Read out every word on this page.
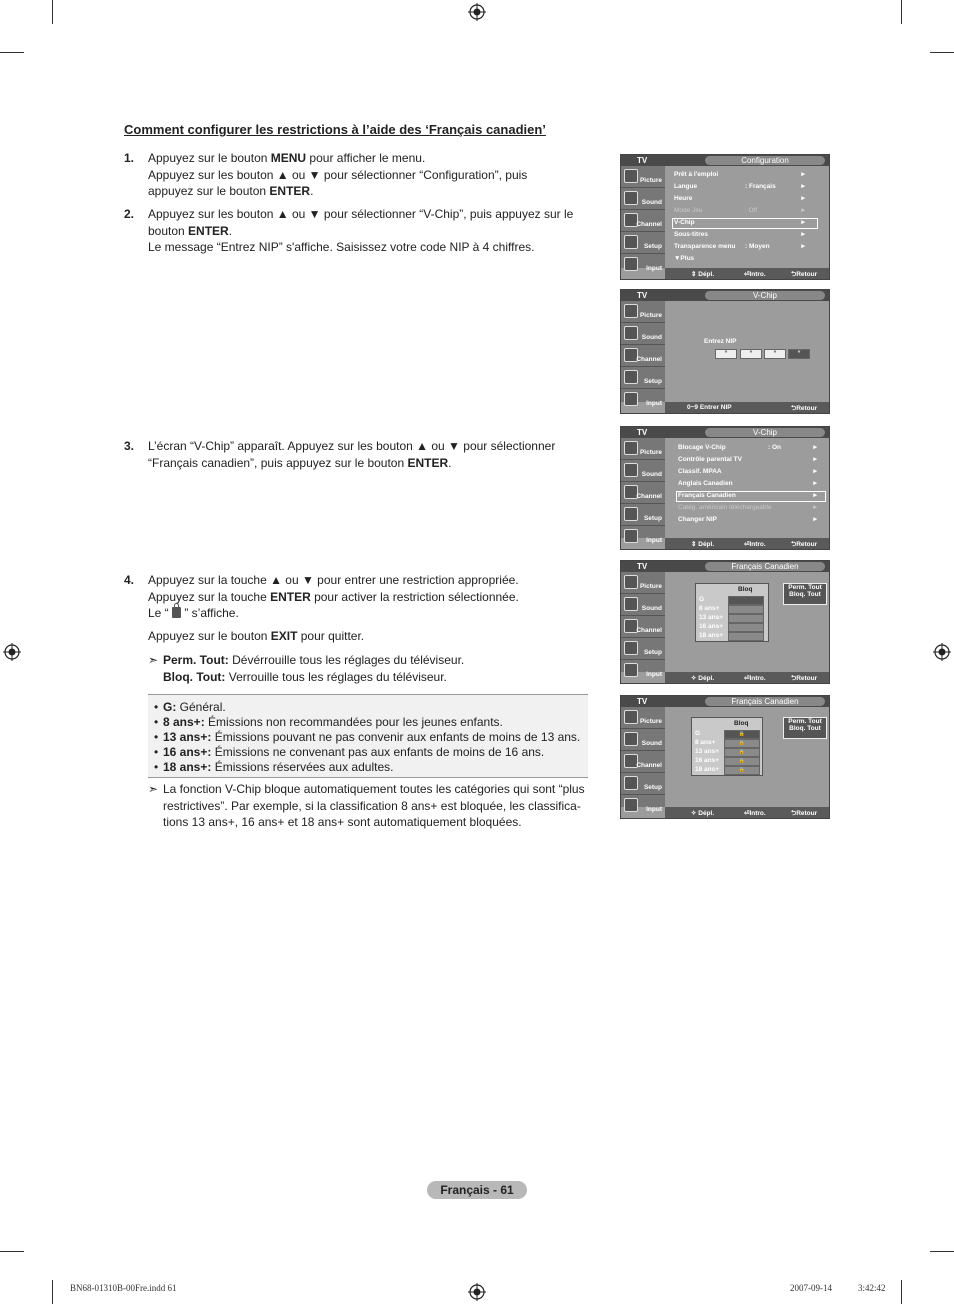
Comment configurer les restrictions à l’aide des ‘Français canadien’
1. Appuyez sur le bouton MENU pour afficher le menu.
Appuyez sur les bouton ▲ ou ▼ pour sélectionner “Configuration”, puis
appuyez sur le bouton ENTER.
2. Appuyez sur les bouton ▲ ou ▼ pour sélectionner “V-Chip”, puis appuyez sur le
bouton ENTER.
Le message “Entrez NIP” s'affiche. Saisissez votre code NIP à 4 chiffres.
3. L’écran “V-Chip” apparaît. Appuyez sur les bouton ▲ ou ▼ pour sélectionner
“Français canadien”, puis appuyez sur le bouton ENTER.
4. Appuyez sur la touche ▲ ou ▼ pour entrer une restriction appropriée.
Appuyez sur la touche ENTER pour activer la restriction sélectionnée.
Le “  ” s’affiche.
Appuyez sur le bouton EXIT pour quitter.
➣ Perm. Tout: Dévérrouille tous les réglages du téléviseur.
Bloq. Tout: Verrouille tous les réglages du téléviseur.
• G: Général.
• 8 ans+: Émissions non recommandées pour les jeunes enfants.
• 13 ans+: Émissions pouvant ne pas convenir aux enfants de moins de 13 ans.
• 16 ans+: Émissions ne convenant pas aux enfants de moins de 16 ans.
• 18 ans+: Émissions réservées aux adultes.
➣ La fonction V-Chip bloque automatiquement toutes les catégories qui sont “plus
restrictives”. Par exemple, si la classification 8 ans+ est bloquée, les classifica-
tions 13 ans+, 16 ans+ et 18 ans+ sont automatiquement bloquées.
TV	Configuration
Picture
Sound
Channel
Setup
Input
Prêt à l'emploi	►
Langue	: Français	►
Heure	►
Mode Jeu	: Off	►
V-Chip	►
Sous-titres	►
Transparence menu : Moyen	►
▼Plus
⇕ Dépl.	⏎Intro.	⮌Retour
TV	V-Chip
Picture
Sound
Channel
Setup
Input
Entrez NIP
*	*	*	*
0~9 Entrer NIP	⮌Retour
TV	V-Chip
Picture
Sound
Channel
Setup
Input
Blocage V-Chip	: On	►
Contrôle parental TV	►
Classif. MPAA	►
Anglais Canadien	►
Français Canadien	►
Catég. américain téléchargeable	►
Changer NIP	►
⇕ Dépl.	⏎Intro.	⮌Retour
TV	Français Canadien
Picture
Sound
Channel
Setup
Input
Bloq
G
8 ans+
13 ans+
16 ans+
18 ans+
Perm. Tout
Bloq. Tout
✧ Dépl.	⏎Intro.	⮌Retour
TV	Français Canadien
Picture
Sound
Channel
Setup
Input
Bloq
G
8 ans+
13 ans+
16 ans+
18 ans+
🔒
🔒
🔒
🔒
🔒
Perm. Tout
Bloq. Tout
✧ Dépl.	⏎Intro.	⮌Retour
Français - 61
BN68-01310B-00Fre.indd 61	2007-09-14	3:42:42
